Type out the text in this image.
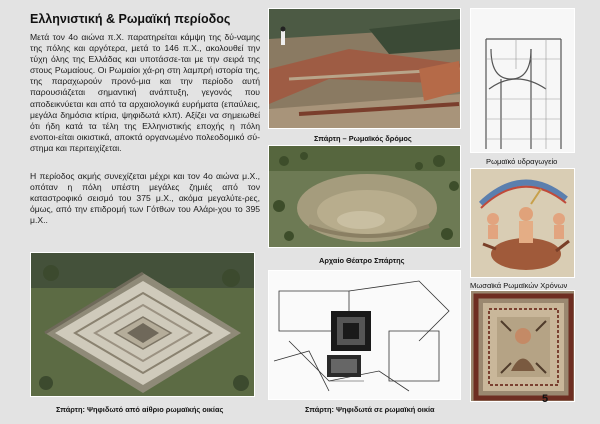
Ελληνιστική & Ρωμαϊκή περίοδος

Μετά τον 4ο αιώνα π.Χ. παρατηρείται κάμψη της δύ-ναμης της πόλης και αργότερα, μετά το 146 π.Χ., ακολουθεί την τύχη όλης της Ελλάδας και υποτάσσε-ται με την σειρά της στους Ρωμαίους. Οι Ρωμαίοι χά-ρη στη λαμπρή ιστορία της, της παραχωρούν προνό-μια και την περίοδο αυτή παρουσιάζεται σημαντική ανάπτυξη, γεγονός που αποδεικνύεται και από τα αρχαιολογικά ευρήματα (επαύλεις, μεγάλα δημόσια κτίρια, ψηφιδωτά κλπ). Αξίζει να σημειωθεί ότι ήδη κατά τα τέλη της Ελληνιστικής εποχής η πόλη ενοποι-είται οικιστικά, αποκτά οργανωμένο πολεοδομικό σύ-στημα και περιτειχίζεται.

Η περίοδος ακμής συνεχίζεται μέχρι και τον 4ο αιώνα μ.Χ., οπόταν η πόλη υπέστη μεγάλες ζημιές από τον καταστροφικό σεισμό του 375 μ.Χ., ακόμα μεγαλύτε-ρες, όμως, από την επιδρομή των Γότθων του Αλάρι-χου το 395 μ.Χ..

Σπάρτη – Ρωμαϊκός δρόμος
Ρωμαϊκό υδραγωγείο
Αρχαίο Θέατρο Σπάρτης
Μωσαϊκά Ρωμαϊκών Χρόνων
5
Σπάρτη: Ψηφιδωτό από αίθριο ρωμαϊκής οικίας	Σπάρτη: Ψηφιδωτά σε ρωμαϊκή οικία
